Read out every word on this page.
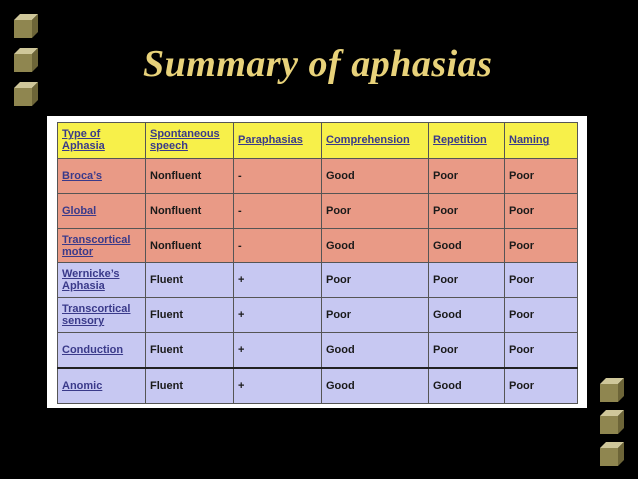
Summary of aphasias
Type of Aphasia	Spontaneous speech	Paraphasias	Comprehension	Repetition	Naming
Broca’s	Nonfluent	-	Good	Poor	Poor
Global	Nonfluent	-	Poor	Poor	Poor
Transcortical motor	Nonfluent	-	Good	Good	Poor
Wernicke’s Aphasia	Fluent	+	Poor	Poor	Poor
Transcortical sensory	Fluent	+	Poor	Good	Poor
Conduction	Fluent	+	Good	Poor	Poor
Anomic	Fluent	+	Good	Good	Poor
